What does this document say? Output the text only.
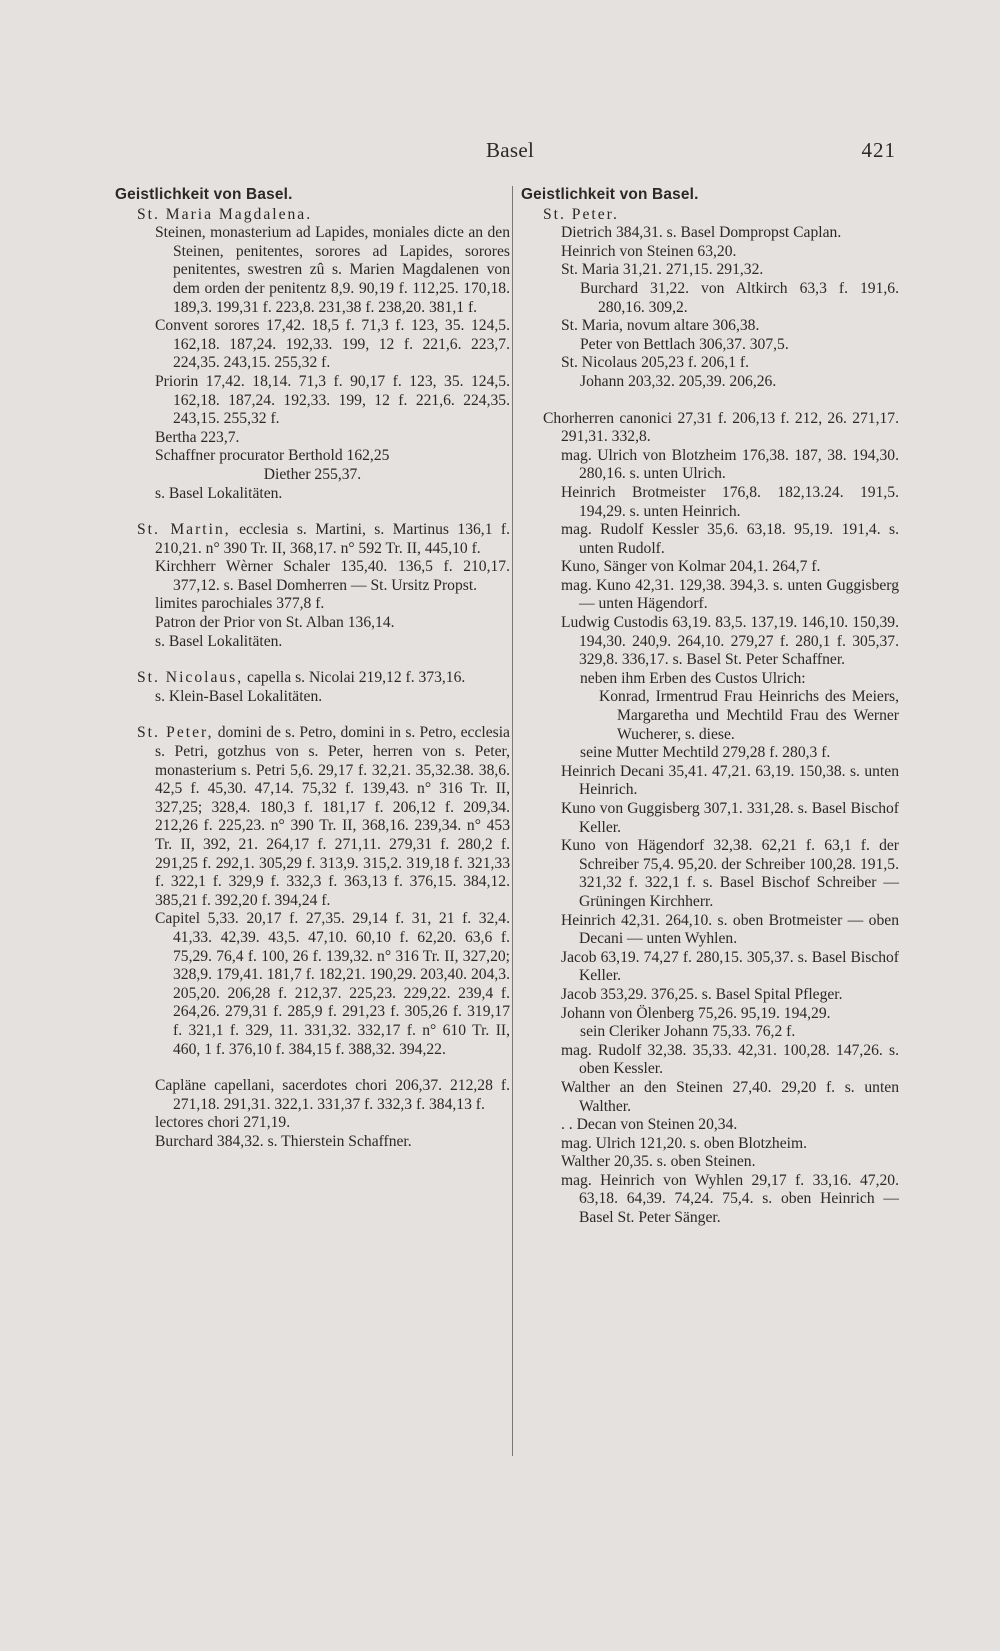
Basel	421
Geistlichkeit von Basel.
St. Maria Magdalena.
Steinen, monasterium ad Lapides, moniales dicte an den Steinen, penitentes, sorores ad Lapides, sorores penitentes, swestren zû s. Marien Magdalenen von dem orden der penitentz 8,9. 90,19 f. 112,25. 170,18. 189,3. 199,31 f. 223,8. 231,38 f. 238,20. 381,1 f.
Convent sorores 17,42. 18,5 f. 71,3 f. 123, 35. 124,5. 162,18. 187,24. 192,33. 199, 12 f. 221,6. 223,7. 224,35. 243,15. 255,32 f.
Priorin 17,42. 18,14. 71,3 f. 90,17 f. 123, 35. 124,5. 162,18. 187,24. 192,33. 199, 12 f. 221,6. 224,35. 243,15. 255,32 f.
Bertha 223,7.
Schaffner procurator Berthold 162,25
Diether 255,37.
s. Basel Lokalitäten.
St. Martin, ecclesia s. Martini, s. Martinus 136,1 f. 210,21. n° 390 Tr. II, 368,17. n° 592 Tr. II, 445,10 f.
Kirchherr Wèrner Schaler 135,40. 136,5 f. 210,17. 377,12. s. Basel Domherren — St. Ursitz Propst.
limites parochiales 377,8 f.
Patron der Prior von St. Alban 136,14.
s. Basel Lokalitäten.
St. Nicolaus, capella s. Nicolai 219,12 f. 373,16.
s. Klein-Basel Lokalitäten.
St. Peter, domini de s. Petro, domini in s. Petro, ecclesia s. Petri, gotzhus von s. Peter, herren von s. Peter, monasterium s. Petri 5,6. 29,17 f. 32,21. 35,32.38. 38,6. 42,5 f. 45,30. 47,14. 75,32 f. 139,43. n° 316 Tr. II, 327,25; 328,4. 180,3 f. 181,17 f. 206,12 f. 209,34. 212,26 f. 225,23. n° 390 Tr. II, 368,16. 239,34. n° 453 Tr. II, 392, 21. 264,17 f. 271,11. 279,31 f. 280,2 f. 291,25 f. 292,1. 305,29 f. 313,9. 315,2. 319,18 f. 321,33 f. 322,1 f. 329,9 f. 332,3 f. 363,13 f. 376,15. 384,12. 385,21 f. 392,20 f. 394,24 f.
Capitel 5,33. 20,17 f. 27,35. 29,14 f. 31, 21 f. 32,4. 41,33. 42,39. 43,5. 47,10. 60,10 f. 62,20. 63,6 f. 75,29. 76,4 f. 100, 26 f. 139,32. n° 316 Tr. II, 327,20; 328,9. 179,41. 181,7 f. 182,21. 190,29. 203,40. 204,3. 205,20. 206,28 f. 212,37. 225,23. 229,22. 239,4 f. 264,26. 279,31 f. 285,9 f. 291,23 f. 305,26 f. 319,17 f. 321,1 f. 329, 11. 331,32. 332,17 f. n° 610 Tr. II, 460, 1 f. 376,10 f. 384,15 f. 388,32. 394,22.
Capläne capellani, sacerdotes chori 206,37. 212,28 f. 271,18. 291,31. 322,1. 331,37 f. 332,3 f. 384,13 f.
lectores chori 271,19.
Burchard 384,32. s. Thierstein Schaffner.
Geistlichkeit von Basel.
St. Peter.
Dietrich 384,31. s. Basel Dompropst Caplan.
Heinrich von Steinen 63,20.
St. Maria 31,21. 271,15. 291,32.
Burchard 31,22. von Altkirch 63,3 f. 191,6. 280,16. 309,2.
St. Maria, novum altare 306,38.
Peter von Bettlach 306,37. 307,5.
St. Nicolaus 205,23 f. 206,1 f.
Johann 203,32. 205,39. 206,26.
Chorherren canonici 27,31 f. 206,13 f. 212, 26. 271,17. 291,31. 332,8.
mag. Ulrich von Blotzheim 176,38. 187, 38. 194,30. 280,16. s. unten Ulrich.
Heinrich Brotmeister 176,8. 182,13.24. 191,5. 194,29. s. unten Heinrich.
mag. Rudolf Kessler 35,6. 63,18. 95,19. 191,4. s. unten Rudolf.
Kuno, Sänger von Kolmar 204,1. 264,7 f.
mag. Kuno 42,31. 129,38. 394,3. s. unten Guggisberg — unten Hägendorf.
Ludwig Custodis 63,19. 83,5. 137,19. 146,10. 150,39. 194,30. 240,9. 264,10. 279,27 f. 280,1 f. 305,37. 329,8. 336,17. s. Basel St. Peter Schaffner.
neben ihm Erben des Custos Ulrich:
Konrad, Irmentrud Frau Heinrichs des Meiers, Margaretha und Mechtild Frau des Werner Wucherer, s. diese.
seine Mutter Mechtild 279,28 f. 280,3 f.
Heinrich Decani 35,41. 47,21. 63,19. 150,38. s. unten Heinrich.
Kuno von Guggisberg 307,1. 331,28. s. Basel Bischof Keller.
Kuno von Hägendorf 32,38. 62,21 f. 63,1 f. der Schreiber 75,4. 95,20. der Schreiber 100,28. 191,5. 321,32 f. 322,1 f. s. Basel Bischof Schreiber — Grüningen Kirchherr.
Heinrich 42,31. 264,10. s. oben Brotmeister — oben Decani — unten Wyhlen.
Jacob 63,19. 74,27 f. 280,15. 305,37. s. Basel Bischof Keller.
Jacob 353,29. 376,25. s. Basel Spital Pfleger.
Johann von Ölenberg 75,26. 95,19. 194,29.
sein Cleriker Johann 75,33. 76,2 f.
mag. Rudolf 32,38. 35,33. 42,31. 100,28. 147,26. s. oben Kessler.
Walther an den Steinen 27,40. 29,20 f. s. unten Walther.
. . Decan von Steinen 20,34.
mag. Ulrich 121,20. s. oben Blotzheim.
Walther 20,35. s. oben Steinen.
mag. Heinrich von Wyhlen 29,17 f. 33,16. 47,20. 63,18. 64,39. 74,24. 75,4. s. oben Heinrich — Basel St. Peter Sänger.
